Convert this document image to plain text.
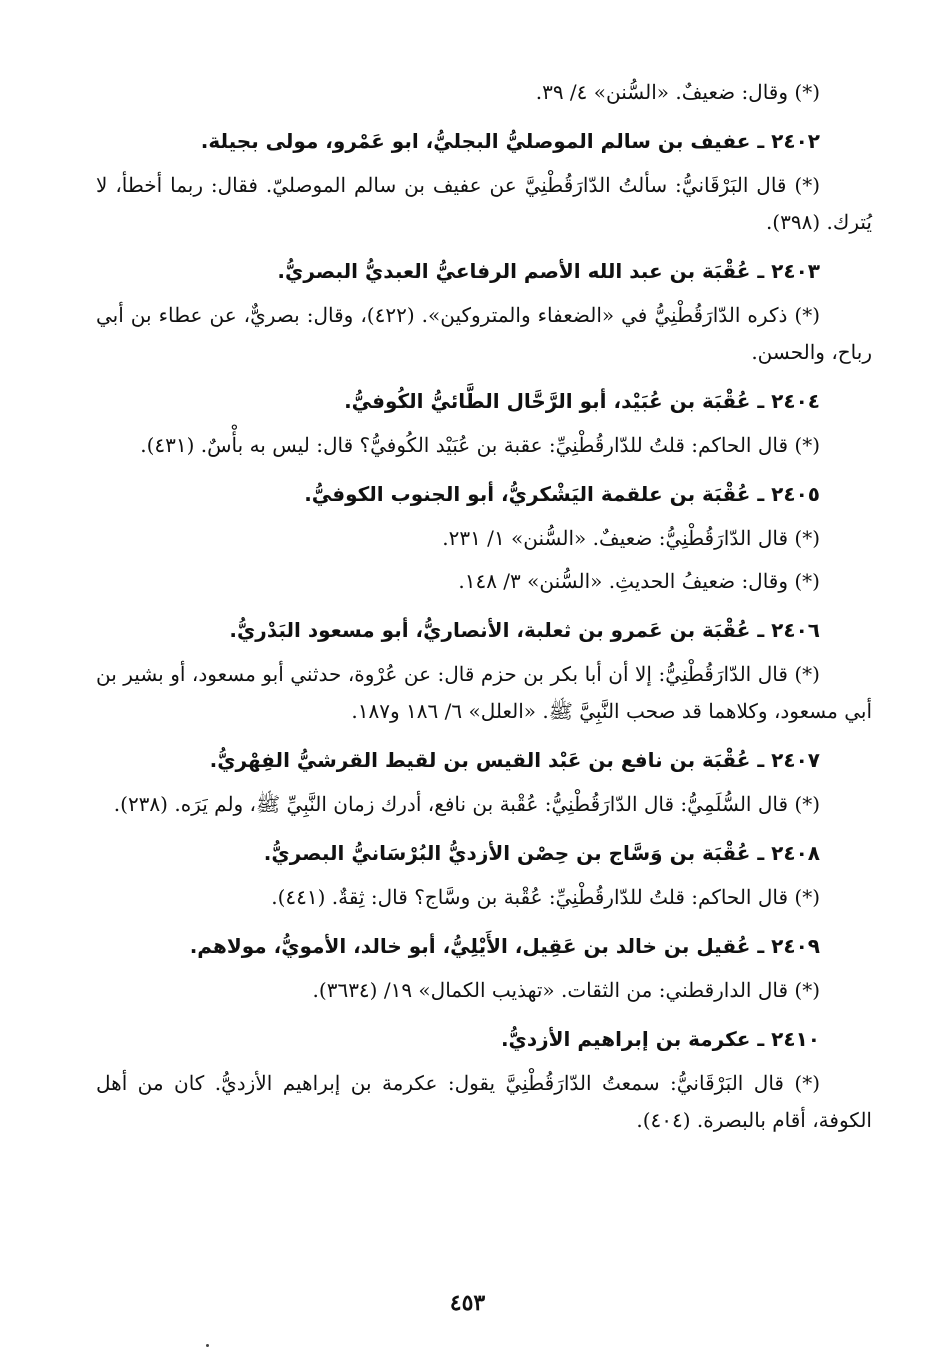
(*) وقال: ضعيفٌ. «السُّنن» ٤/ ٣٩.

٢٤٠٢ ـ عفيف بن سالم الموصليُّ البجليُّ، ابو عَمْرو، مولى بجيلة.

(*) قال البَرْقَانيُّ: سألتُ الدّارَقُطْنِيَّ عن عفيف بن سالم الموصليّ. فقال: ربما أخطأ، لا يُترك. (٣٩٨).

٢٤٠٣ ـ عُقْبَة بن عبد الله الأصم الرفاعيُّ العبديُّ البصريُّ.

(*) ذكره الدّارَقُطْنِيُّ في «الضعفاء والمتروكين». (٤٢٢)، وقال: بصريٌّ، عن عطاء بن أبي رباح، والحسن.

٢٤٠٤ ـ عُقْبَة بن عُبَيْد، أبو الرَّحَّال الطَّائيُّ الكُوفيُّ.

(*) قال الحاكم: قلتُ للدّارقُطْنِيِّ: عقبة بن عُبَيْد الكُوفيُّ؟ قال: ليس به بأْسٌ. (٤٣١).

٢٤٠٥ ـ عُقْبَة بن علقمة اليَشْكريُّ، أبو الجنوب الكوفيُّ.

(*) قال الدّارَقُطْنِيُّ: ضعيفٌ. «السُّنن» ١/ ٢٣١.

(*) وقال: ضعيفُ الحديثِ. «السُّنن» ٣/ ١٤٨.

٢٤٠٦ ـ عُقْبَة بن عَمرو بن ثعلبة، الأنصاريُّ، أبو مسعود البَدْريُّ.

(*) قال الدّارَقُطْنِيُّ: إلا أن أبا بكر بن حزم قال: عن عُرْوة، حدثني أبو مسعود، أو بشير بن أبي مسعود، وكلاهما قد صحب النَّبِيَّ ﷺ. «العلل» ٦/ ١٨٦ و١٨٧.

٢٤٠٧ ـ عُقْبَة بن نافع بن عَبْد القيس بن لقيط القرشيُّ الفِهْريُّ.

(*) قال السُّلَمِيُّ: قال الدّارَقُطْنِيُّ: عُقْبة بن نافع، أدرك زمان النَّبِيِّ ﷺ، ولم يَرَه. (٢٣٨).

٢٤٠٨ ـ عُقْبَة بن وَسَّاج بن حِصْن الأزديُّ البُرْسَانيُّ البصريُّ.

(*) قال الحاكم: قلتُ للدّارقُطْنِيِّ: عُقْبة بن وسَّاج؟ قال: ثِقةٌ. (٤٤١).

٢٤٠٩ ـ عُقيل بن خالد بن عَقِيل، الأَيْلِيُّ، أبو خالد، الأمويُّ، مولاهم.

(*) قال الدارقطني: من الثقات. «تهذيب الكمال» ١٩/ (٣٦٣٤).

٢٤١٠ ـ عكرمة بن إبراهيم الأزديُّ.

(*) قال البَرْقَانيُّ: سمعتُ الدّارَقُطْنِيَّ يقول: عكرمة بن إبراهيم الأزديُّ. كان من أهل الكوفة، أقام بالبصرة. (٤٠٤).

٤٥٣
